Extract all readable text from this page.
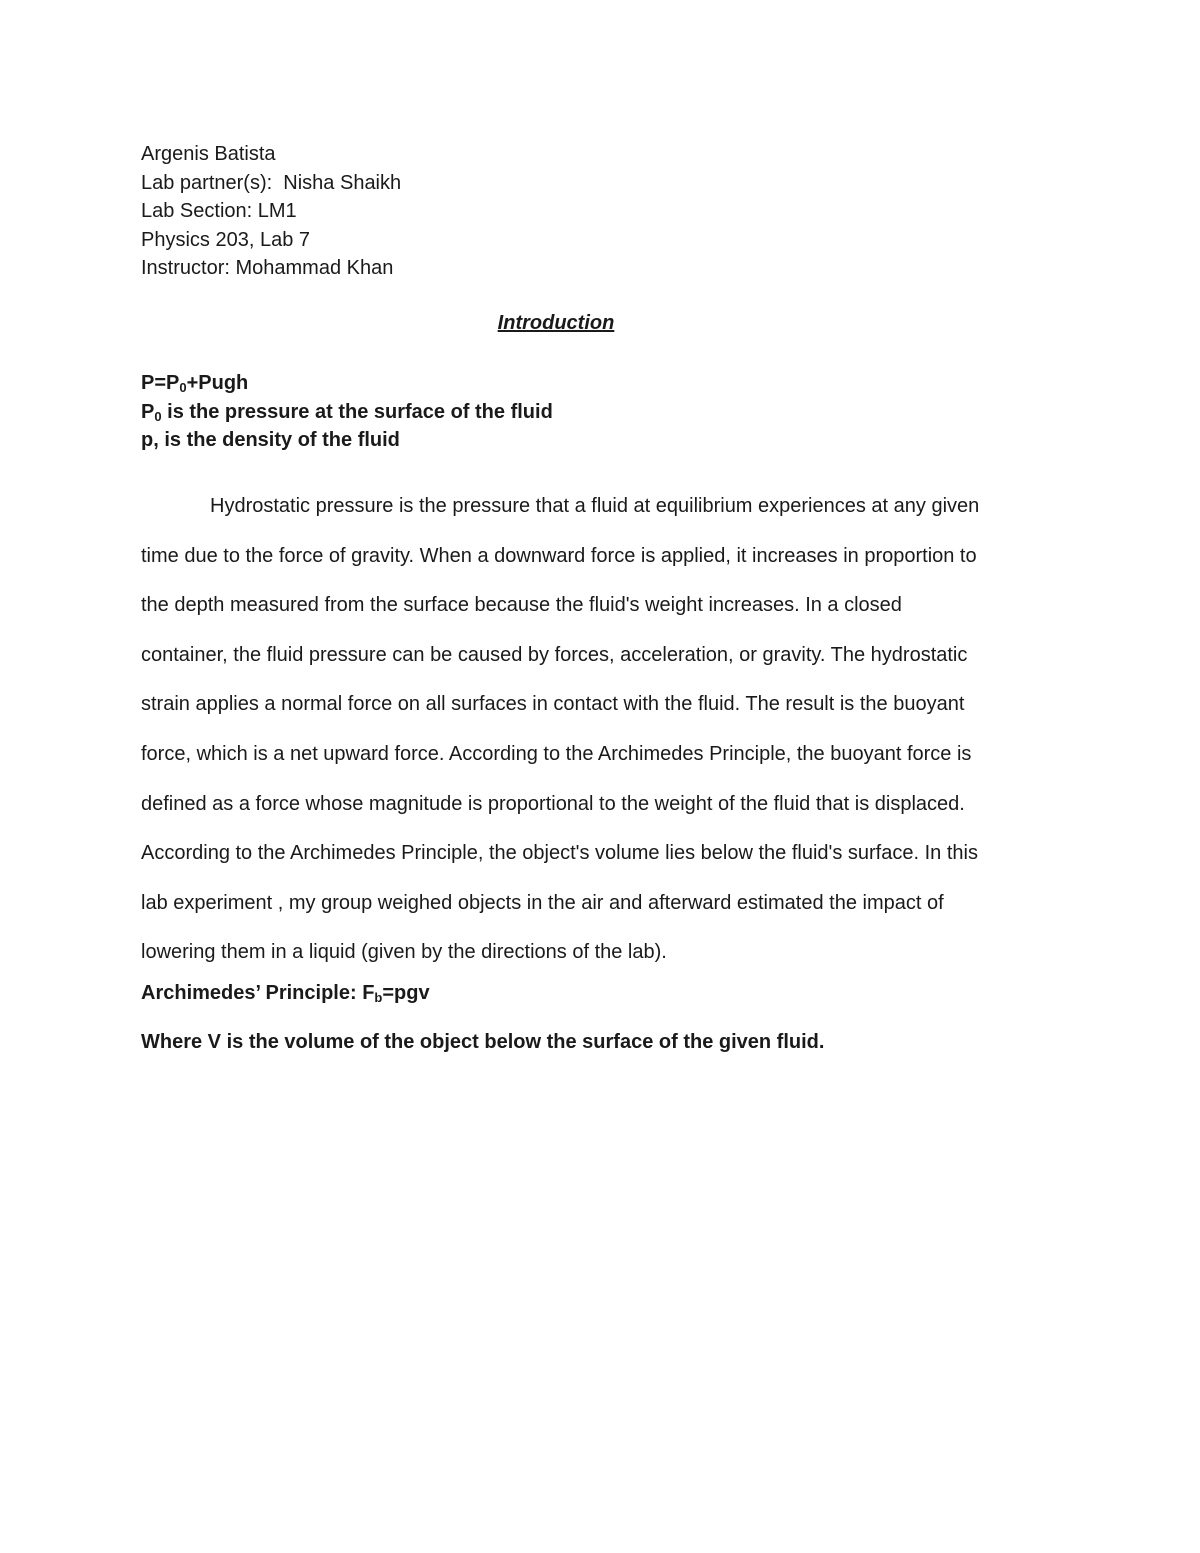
Argenis Batista
Lab partner(s):  Nisha Shaikh
Lab Section: LM1
Physics 203, Lab 7
Instructor: Mohammad Khan
Introduction
$P=P_0+Pugh$
$P_0$ is the pressure at the surface of the fluid
p, is the density of the fluid
Hydrostatic pressure is the pressure that a fluid at equilibrium experiences at any given
time due to the force of gravity. When a downward force is applied, it increases in proportion to
the depth measured from the surface because the fluid's weight increases. In a closed
container, the fluid pressure can be caused by forces, acceleration, or gravity. The hydrostatic
strain applies a normal force on all surfaces in contact with the fluid. The result is the buoyant
force, which is a net upward force. According to the Archimedes Principle, the buoyant force is
defined as a force whose magnitude is proportional to the weight of the fluid that is displaced.
According to the Archimedes Principle, the object's volume lies below the fluid's surface. In this
lab experiment , my group weighed objects in the air and afterward estimated the impact of
lowering them in a liquid (given by the directions of the lab).
Archimedes’ Principle: $F_b=pgv$
Where V is the volume of the object below the surface of the given fluid.
